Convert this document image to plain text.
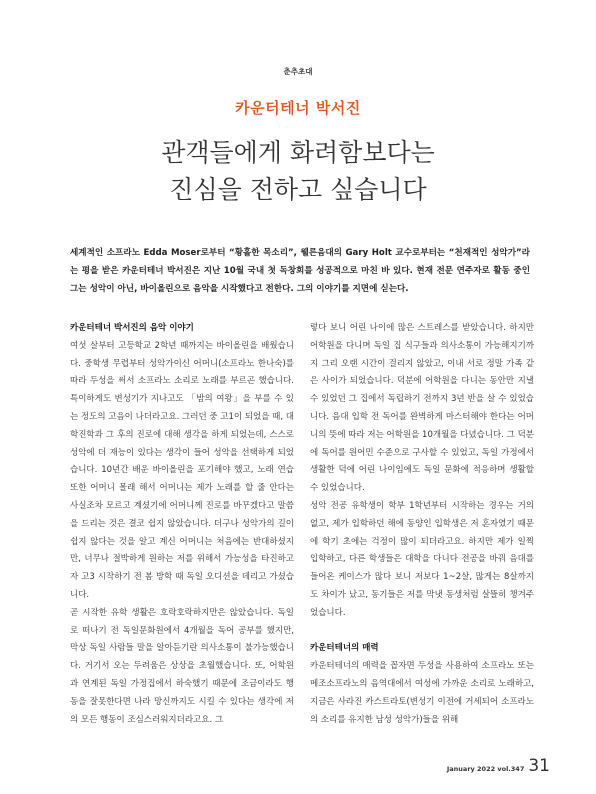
춘추초대
카운터테너 박서진
관객들에게 화려함보다는
진심을 전하고 싶습니다
세계적인 소프라노 Edda Moser로부터 “황홀한 목소리”, 웰른음대의 Gary Holt 교수로부터는 “천재적인 성악가”라는 평을 받은 카운터테너 박서진은 지난 10월 국내 첫 독창회를 성공적으로 마친 바 있다. 현재 전문 연주자로 활동 중인 그는 성악이 아닌, 바이올린으로 음악을 시작했다고 전한다. 그의 이야기를 지면에 싣는다.

카운터테너 박서진의 음악 이야기

여섯 살부터 고등학교 2학년 때까지는 바이올린을 배웠습니다. 중학생 무렵부터 성악가이신 어머니(소프라노 한나숙)를 따라 두성을 써서 소프라노 소리로 노래를 부르곤 했습니다. 특이하게도 변성기가 지나고도 「밤의 여왕」을 부를 수 있는 정도의 고음이 나더라고요. 그러던 중 고1이 되었을 때, 대학진학과 그 후의 진로에 대해 생각을 하게 되었는데, 스스로 성악에 더 재능이 있다는 생각이 들어 성악을 선택하게 되었습니다. 10년간 배운 바이올린을 포기해야 했고, 노래 연습 또한 어머니 몰래 해서 어머니는 제가 노래를 할 줄 안다는 사실조차 모르고 계셨기에 어머니께 진로를 바꾸겠다고 말씀을 드리는 것은 결코 쉽지 않았습니다. 더구나 성악가의 길이 쉽지 않다는 것을 알고 계신 어머니는 처음에는 반대하셨지만, 너무나 절박하게 원하는 저를 위해서 가능성을 타진하고자 고3 시작하기 전 봄 방학 때 독일 오디션을 데리고 가셨습니다.

곧 시작한 유학 생활은 호락호락하지만은 않았습니다. 독일로 떠나기 전 독일문화원에서 4개월을 독어 공부를 했지만, 막상 독일 사람들 말을 알아듣기란 의사소통이 불가능했습니다. 거기서 오는 두려움은 상상을 초월했습니다. 또, 어학원과 연계된 독일 가정집에서 하숙했기 때문에 조금이라도 행동을 잘못한다면 나라 망신까지도 시킬 수 있다는 생각에 저의 모든 행동이 조심스러워지더라고요. 그

렇다 보니 어린 나이에 많은 스트레스를 받았습니다. 하지만 어학원을 다니며 독일 집 식구들과 의사소통이 가능해지기까지 그리 오랜 시간이 걸리지 않았고, 이내 서로 정말 가족 같은 사이가 되었습니다. 덕분에 어학원을 다니는 동안만 지낼 수 있었던 그 집에서 독립하기 전까지 3년 반을 살 수 있었습니다. 음대 입학 전 독어를 완벽하게 마스터해야 한다는 어머니의 뜻에 따라 저는 어학원을 10개월을 다녔습니다. 그 덕분에 독어를 원어민 수준으로 구사할 수 있었고, 독일 가정에서 생활한 덕에 어린 나이임에도 독일 문화에 적응하며 생활할 수 있었습니다.

성악 전공 유학생이 학부 1학년부터 시작하는 경우는 거의 없고, 제가 입학하던 해에 동양인 입학생은 저 혼자였기 때문에 학기 초에는 걱정이 많이 되더라고요. 하지만 제가 일찍 입학하고, 다른 학생들은 대학을 다니다 전공을 바꿔 음대를 들어온 케이스가 많다 보니 저보다 1~2살, 많게는 8살까지도 차이가 났고, 동기들은 저를 막냇 동생처럼 살뜰히 챙겨주었습니다.

카운터테너의 매력

카운터테너의 매력을 꼽자면 두성을 사용하여 소프라노 또는 메조소프라노의 음역대에서 여성에 가까운 소리로 노래하고, 지금은 사라진 카스트라토(변성기 이전에 거세되어 소프라노의 소리를 유지한 남성 성악가)들을 위해

January 2022 vol.347 31
